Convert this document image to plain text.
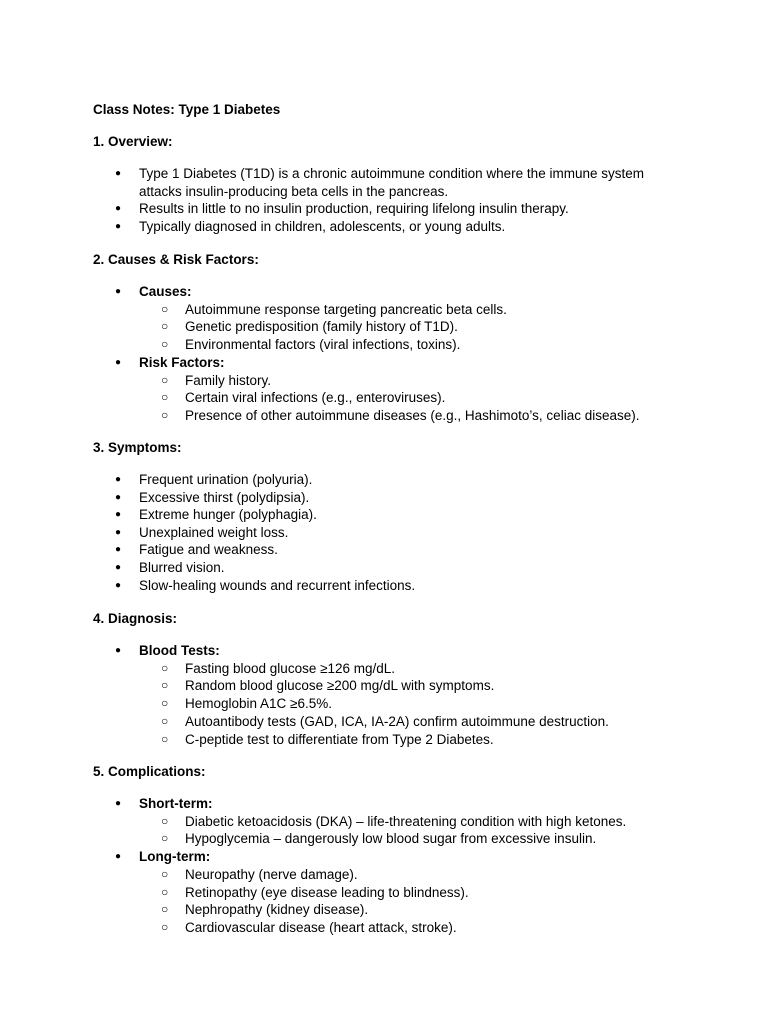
Class Notes: Type 1 Diabetes
1. Overview:
● Type 1 Diabetes (T1D) is a chronic autoimmune condition where the immune system attacks insulin-producing beta cells in the pancreas.
● Results in little to no insulin production, requiring lifelong insulin therapy.
● Typically diagnosed in children, adolescents, or young adults.
2. Causes & Risk Factors:
● Causes:
○ Autoimmune response targeting pancreatic beta cells.
○ Genetic predisposition (family history of T1D).
○ Environmental factors (viral infections, toxins).
● Risk Factors:
○ Family history.
○ Certain viral infections (e.g., enteroviruses).
○ Presence of other autoimmune diseases (e.g., Hashimoto’s, celiac disease).
3. Symptoms:
● Frequent urination (polyuria).
● Excessive thirst (polydipsia).
● Extreme hunger (polyphagia).
● Unexplained weight loss.
● Fatigue and weakness.
● Blurred vision.
● Slow-healing wounds and recurrent infections.
4. Diagnosis:
● Blood Tests:
○ Fasting blood glucose ≥126 mg/dL.
○ Random blood glucose ≥200 mg/dL with symptoms.
○ Hemoglobin A1C ≥6.5%.
○ Autoantibody tests (GAD, ICA, IA-2A) confirm autoimmune destruction.
○ C-peptide test to differentiate from Type 2 Diabetes.
5. Complications:
● Short-term:
○ Diabetic ketoacidosis (DKA) – life-threatening condition with high ketones.
○ Hypoglycemia – dangerously low blood sugar from excessive insulin.
● Long-term:
○ Neuropathy (nerve damage).
○ Retinopathy (eye disease leading to blindness).
○ Nephropathy (kidney disease).
○ Cardiovascular disease (heart attack, stroke).
